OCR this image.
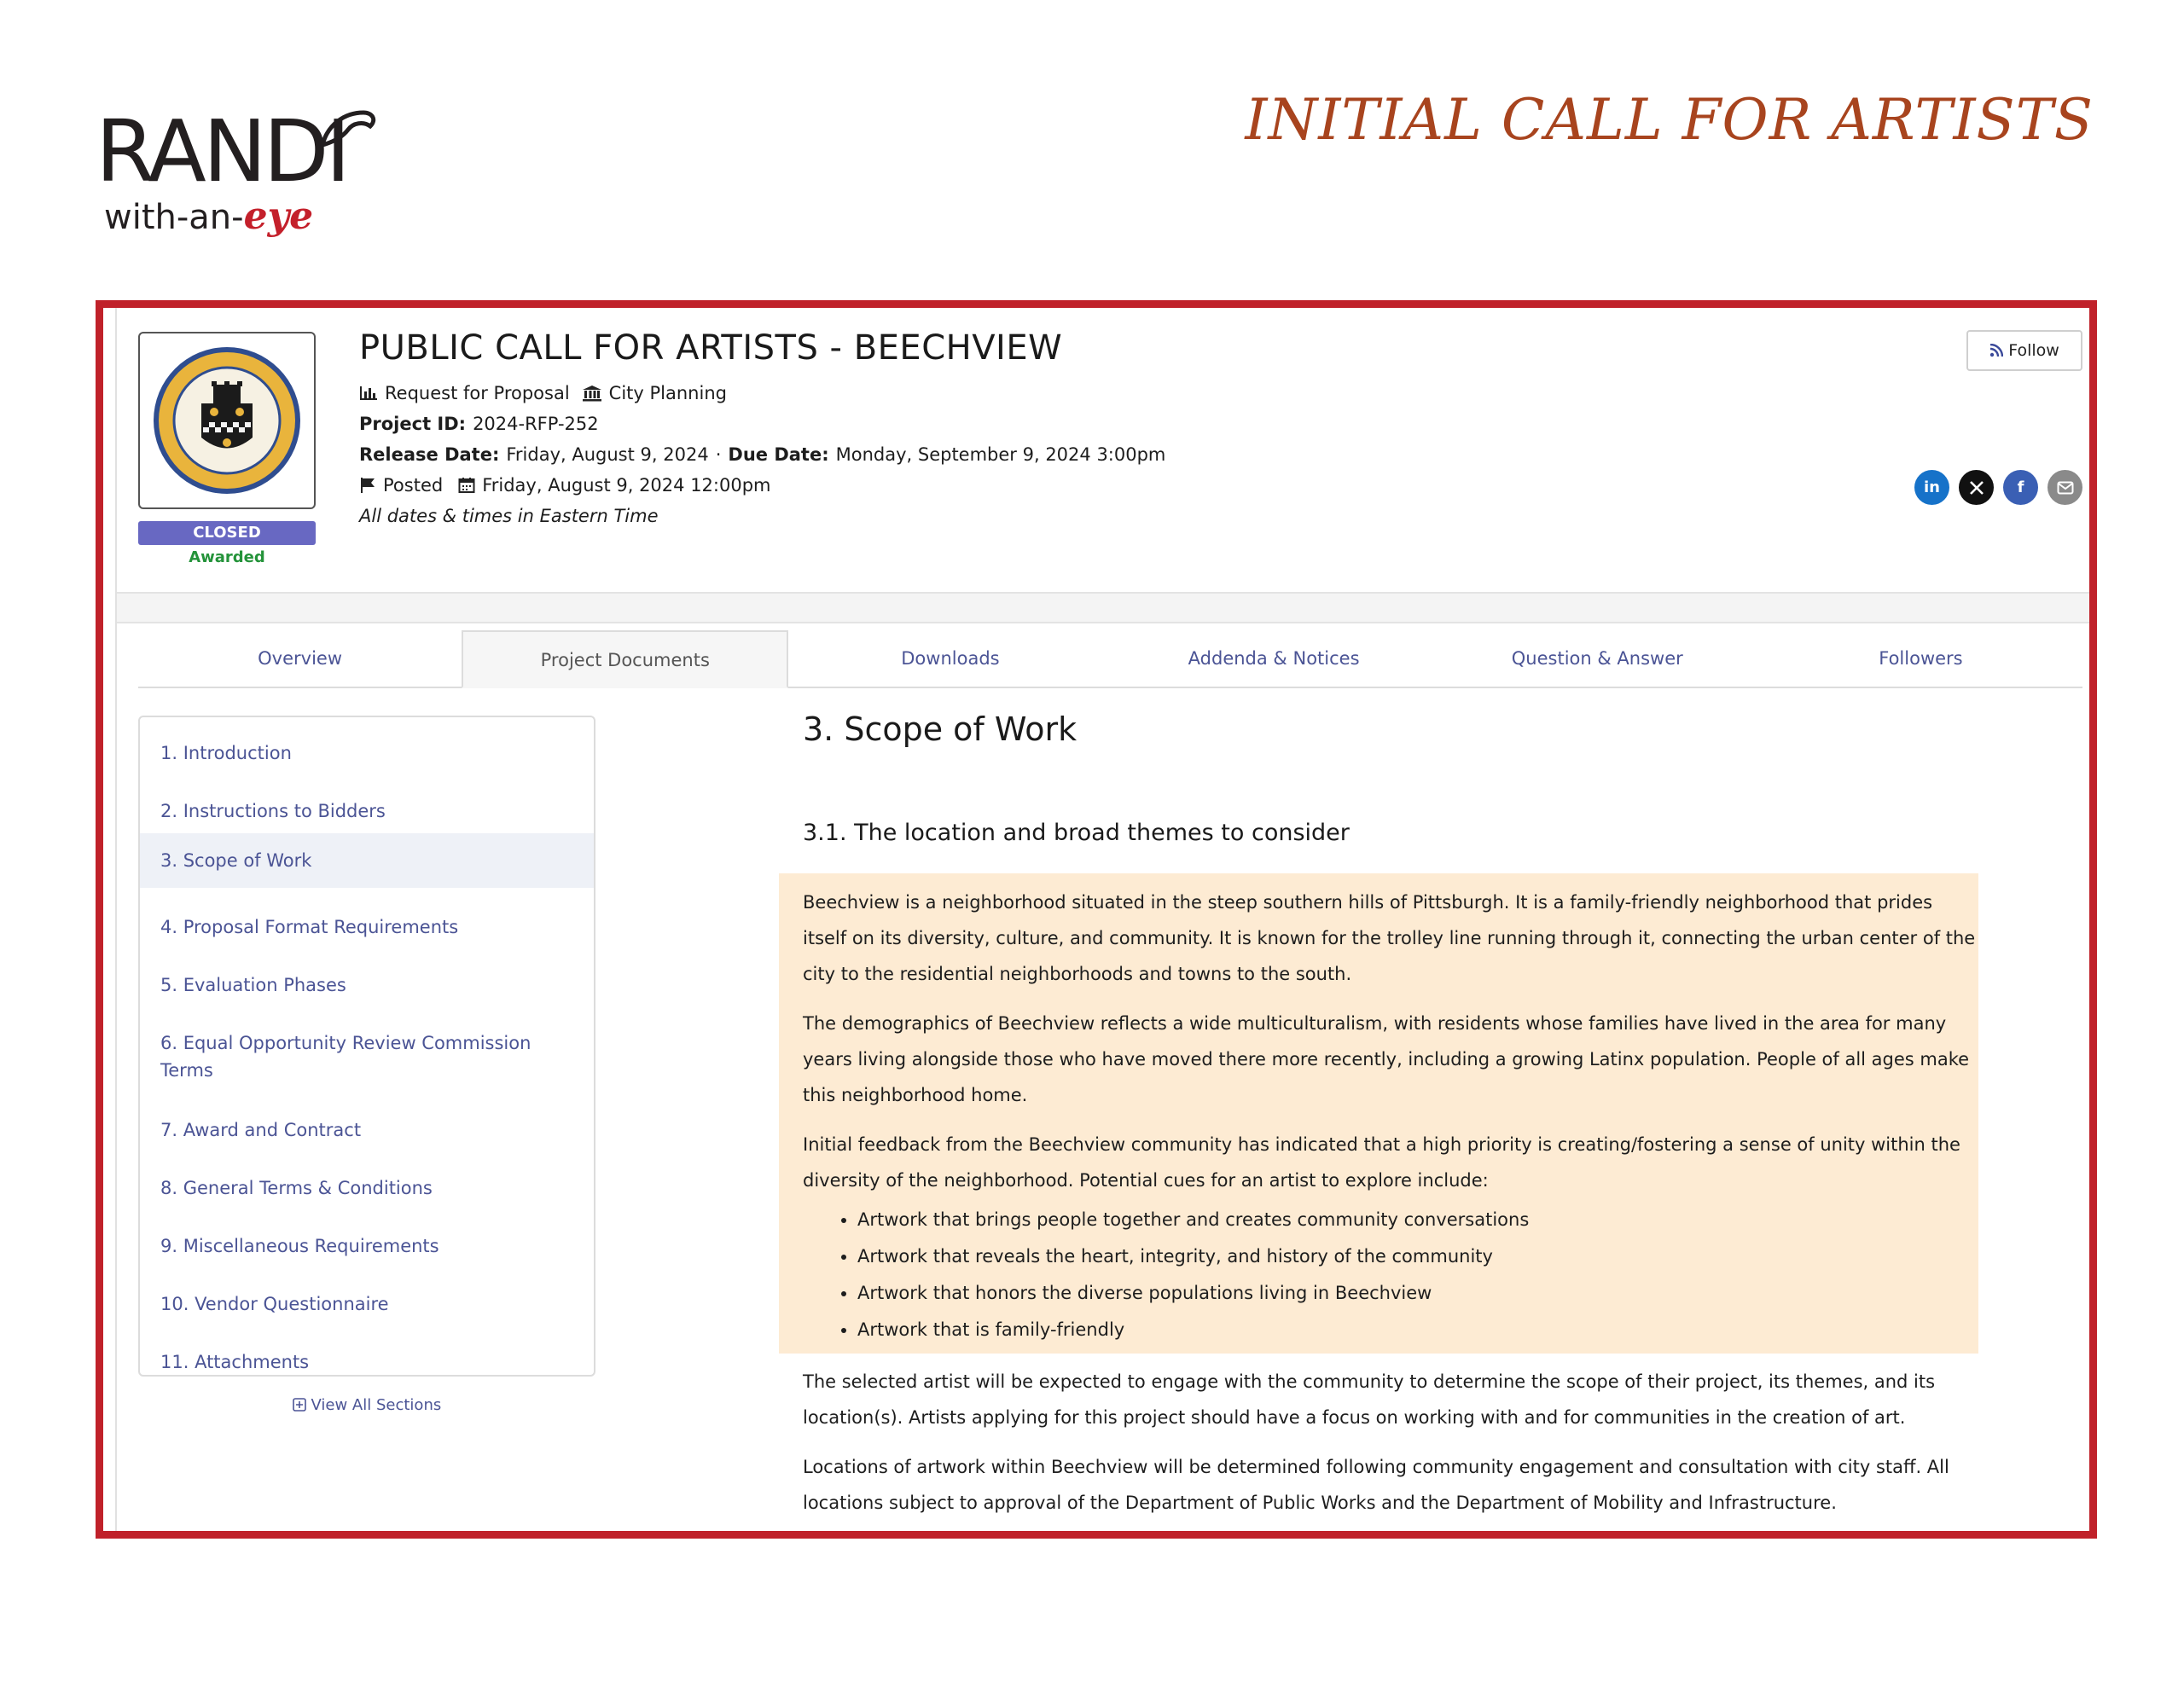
RANDI
with-an-eye
INITIAL CALL FOR ARTISTS
CLOSED
Awarded
PUBLIC CALL FOR ARTISTS - BEECHVIEW
Request for Proposal City Planning
Project ID: 2024-RFP-252
Release Date: Friday, August 9, 2024 · Due Date: Monday, September 9, 2024 3:00pm
Posted Friday, August 9, 2024 12:00pm
All dates & times in Eastern Time
Follow
in	f
Overview	Project Documents	Downloads	Addenda & Notices	Question & Answer	Followers
1. Introduction
2. Instructions to Bidders
3. Scope of Work
4. Proposal Format Requirements
5. Evaluation Phases
6. Equal Opportunity Review Commission Terms
7. Award and Contract
8. General Terms & Conditions
9. Miscellaneous Requirements
10. Vendor Questionnaire
11. Attachments
View All Sections
3. Scope of Work
3.1. The location and broad themes to consider
Beechview is a neighborhood situated in the steep southern hills of Pittsburgh. It is a family-friendly neighborhood that prides itself on its diversity, culture, and community. It is known for the trolley line running through it, connecting the urban center of the city to the residential neighborhoods and towns to the south.
The demographics of Beechview reflects a wide multiculturalism, with residents whose families have lived in the area for many years living alongside those who have moved there more recently, including a growing Latinx population. People of all ages make this neighborhood home.
Initial feedback from the Beechview community has indicated that a high priority is creating/fostering a sense of unity within the diversity of the neighborhood. Potential cues for an artist to explore include:
• Artwork that brings people together and creates community conversations
• Artwork that reveals the heart, integrity, and history of the community
• Artwork that honors the diverse populations living in Beechview
• Artwork that is family-friendly
The selected artist will be expected to engage with the community to determine the scope of their project, its themes, and its location(s). Artists applying for this project should have a focus on working with and for communities in the creation of art.
Locations of artwork within Beechview will be determined following community engagement and consultation with city staff. All locations subject to approval of the Department of Public Works and the Department of Mobility and Infrastructure.
